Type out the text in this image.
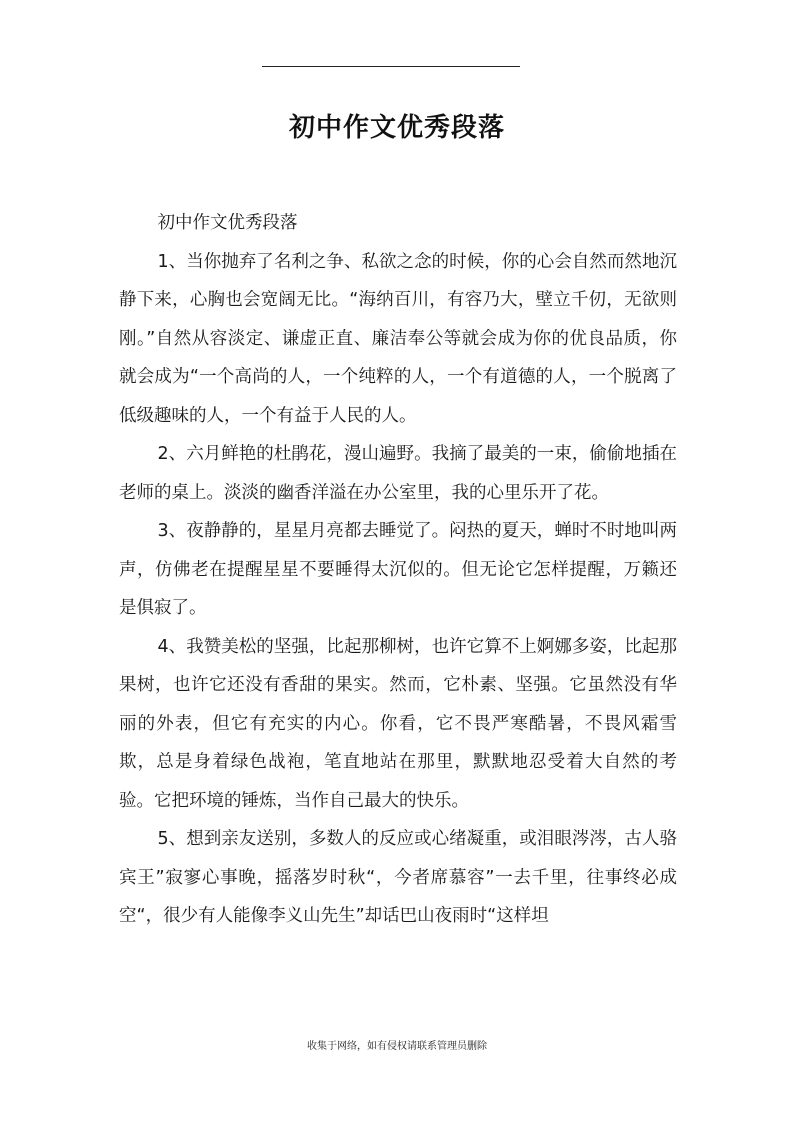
初中作文优秀段落

初中作文优秀段落

1、当你抛弃了名利之争、私欲之念的时候，你的心会自然而然地沉静下来，心胸也会宽阔无比。“海纳百川，有容乃大，壁立千仞，无欲则刚。”自然从容淡定、谦虚正直、廉洁奉公等就会成为你的优良品质，你就会成为“一个高尚的人，一个纯粹的人，一个有道德的人，一个脱离了低级趣味的人，一个有益于人民的人。

2、六月鲜艳的杜鹃花，漫山遍野。我摘了最美的一束，偷偷地插在老师的桌上。淡淡的幽香洋溢在办公室里，我的心里乐开了花。

3、夜静静的，星星月亮都去睡觉了。闷热的夏天，蝉时不时地叫两声，仿佛老在提醒星星不要睡得太沉似的。但无论它怎样提醒，万籁还是俱寂了。

4、我赞美松的坚强，比起那柳树，也许它算不上婀娜多姿，比起那果树，也许它还没有香甜的果实。然而，它朴素、坚强。它虽然没有华丽的外表，但它有充实的内心。你看，它不畏严寒酷暑，不畏风霜雪欺，总是身着绿色战袍，笔直地站在那里，默默地忍受着大自然的考验。它把环境的锤炼，当作自己最大的快乐。

5、想到亲友送别，多数人的反应或心绪凝重，或泪眼涔涔，古人骆宾王”寂寥心事晚，摇落岁时秋“，今者席慕容”一去千里，往事终必成空“，很少有人能像李义山先生”却话巴山夜雨时“这样坦

收集于网络，如有侵权请联系管理员删除
